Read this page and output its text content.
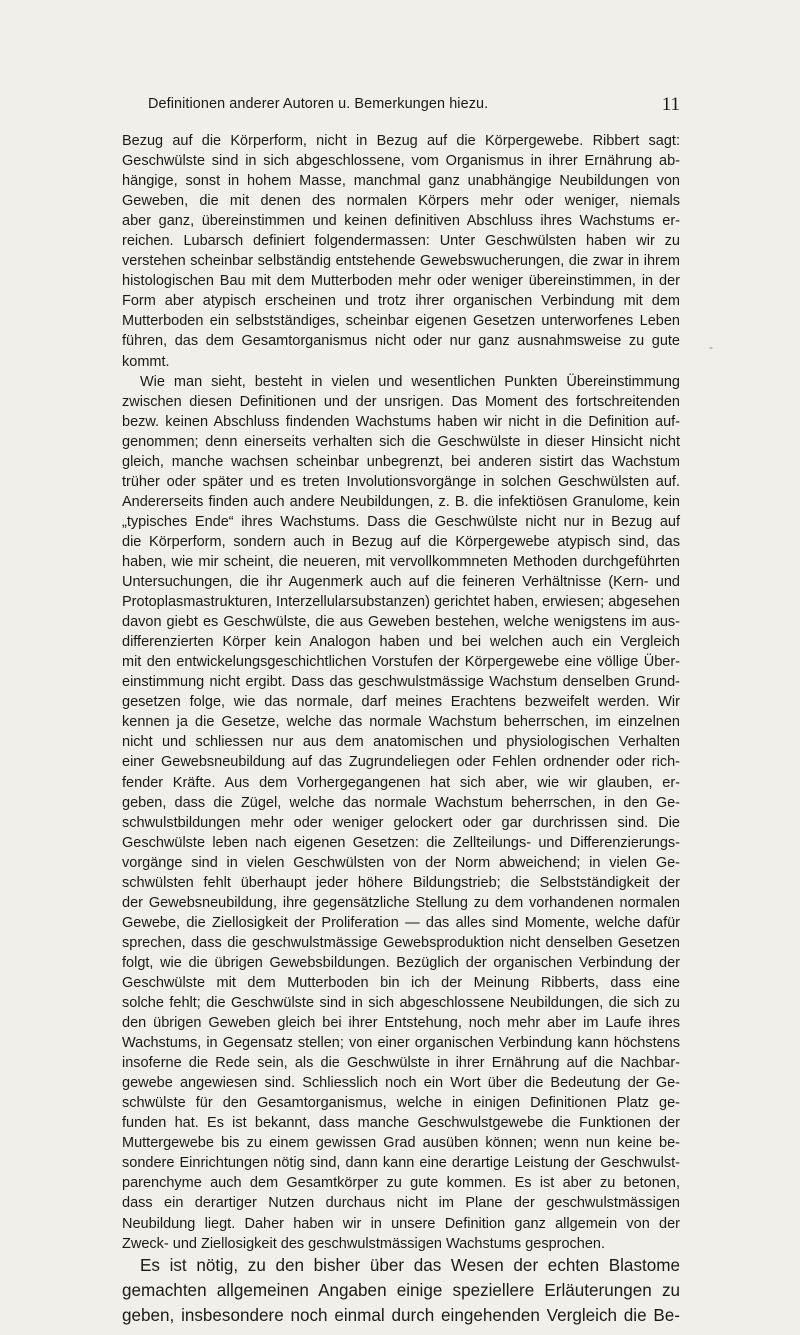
Definitionen anderer Autoren u. Bemerkungen hiezu.	11
-
Bezug auf die Körperform, nicht in Bezug auf die Körpergewebe. Ribbert sagt:
Geschwülste sind in sich abgeschlossene, vom Organismus in ihrer Ernährung ab-
hängige, sonst in hohem Masse, manchmal ganz unabhängige Neubildungen von
Geweben, die mit denen des normalen Körpers mehr oder weniger, niemals
aber ganz, übereinstimmen und keinen definitiven Abschluss ihres Wachstums er-
reichen. Lubarsch definiert folgendermassen: Unter Geschwülsten haben wir zu
verstehen scheinbar selbständig entstehende Gewebswucherungen, die zwar in ihrem
histologischen Bau mit dem Mutterboden mehr oder weniger übereinstimmen, in der
Form aber atypisch erscheinen und trotz ihrer organischen Verbindung mit dem
Mutterboden ein selbstständiges, scheinbar eigenen Gesetzen unterworfenes Leben
führen, das dem Gesamtorganismus nicht oder nur ganz ausnahmsweise zu gute
kommt.
Wie man sieht, besteht in vielen und wesentlichen Punkten Übereinstimmung
zwischen diesen Definitionen und der unsrigen. Das Moment des fortschreitenden
bezw. keinen Abschluss findenden Wachstums haben wir nicht in die Definition auf-
genommen; denn einerseits verhalten sich die Geschwülste in dieser Hinsicht nicht
gleich, manche wachsen scheinbar unbegrenzt, bei anderen sistirt das Wachstum
trüher oder später und es treten Involutionsvorgänge in solchen Geschwülsten auf.
Andererseits finden auch andere Neubildungen, z. B. die infektiösen Granulome, kein
„typisches Ende“ ihres Wachstums. Dass die Geschwülste nicht nur in Bezug auf
die Körperform, sondern auch in Bezug auf die Körpergewebe atypisch sind, das
haben, wie mir scheint, die neueren, mit vervollkommneten Methoden durchgeführten
Untersuchungen, die ihr Augenmerk auch auf die feineren Verhältnisse (Kern- und
Protoplasmastrukturen, Interzellularsubstanzen) gerichtet haben, erwiesen; abgesehen
davon giebt es Geschwülste, die aus Geweben bestehen, welche wenigstens im aus-
differenzierten Körper kein Analogon haben und bei welchen auch ein Vergleich
mit den entwickelungsgeschichtlichen Vorstufen der Körpergewebe eine völlige Über-
einstimmung nicht ergibt. Dass das geschwulstmässige Wachstum denselben Grund-
gesetzen folge, wie das normale, darf meines Erachtens bezweifelt werden. Wir
kennen ja die Gesetze, welche das normale Wachstum beherrschen, im einzelnen
nicht und schliessen nur aus dem anatomischen und physiologischen Verhalten
einer Gewebsneubildung auf das Zugrundeliegen oder Fehlen ordnender oder rich-
fender Kräfte. Aus dem Vorhergegangenen hat sich aber, wie wir glauben, er-
geben, dass die Zügel, welche das normale Wachstum beherrschen, in den Ge-
schwulstbildungen mehr oder weniger gelockert oder gar durchrissen sind. Die
Geschwülste leben nach eigenen Gesetzen: die Zellteilungs- und Differenzierungs-
vorgänge sind in vielen Geschwülsten von der Norm abweichend; in vielen Ge-
schwülsten fehlt überhaupt jeder höhere Bildungstrieb; die Selbstständigkeit der
der Gewebsneubildung, ihre gegensätzliche Stellung zu dem vorhandenen normalen
Gewebe, die Ziellosigkeit der Proliferation — das alles sind Momente, welche dafür
sprechen, dass die geschwulstmässige Gewebsproduktion nicht denselben Gesetzen
folgt, wie die übrigen Gewebsbildungen. Bezüglich der organischen Verbindung der
Geschwülste mit dem Mutterboden bin ich der Meinung Ribberts, dass eine
solche fehlt; die Geschwülste sind in sich abgeschlossene Neubildungen, die sich zu
den übrigen Geweben gleich bei ihrer Entstehung, noch mehr aber im Laufe ihres
Wachstums, in Gegensatz stellen; von einer organischen Verbindung kann höchstens
insoferne die Rede sein, als die Geschwülste in ihrer Ernährung auf die Nachbar-
gewebe angewiesen sind. Schliesslich noch ein Wort über die Bedeutung der Ge-
schwülste für den Gesamtorganismus, welche in einigen Definitionen Platz ge-
funden hat. Es ist bekannt, dass manche Geschwulstgewebe die Funktionen der
Muttergewebe bis zu einem gewissen Grad ausüben können; wenn nun keine be-
sondere Einrichtungen nötig sind, dann kann eine derartige Leistung der Geschwulst-
parenchyme auch dem Gesamtkörper zu gute kommen. Es ist aber zu betonen,
dass ein derartiger Nutzen durchaus nicht im Plane der geschwulstmässigen
Neubildung liegt. Daher haben wir in unsere Definition ganz allgemein von der
Zweck- und Ziellosigkeit des geschwulstmässigen Wachstums gesprochen.
Es ist nötig, zu den bisher über das Wesen der echten Blastome
gemachten allgemeinen Angaben einige speziellere Erläuterungen zu
geben, insbesondere noch einmal durch eingehenden Vergleich die Be-
